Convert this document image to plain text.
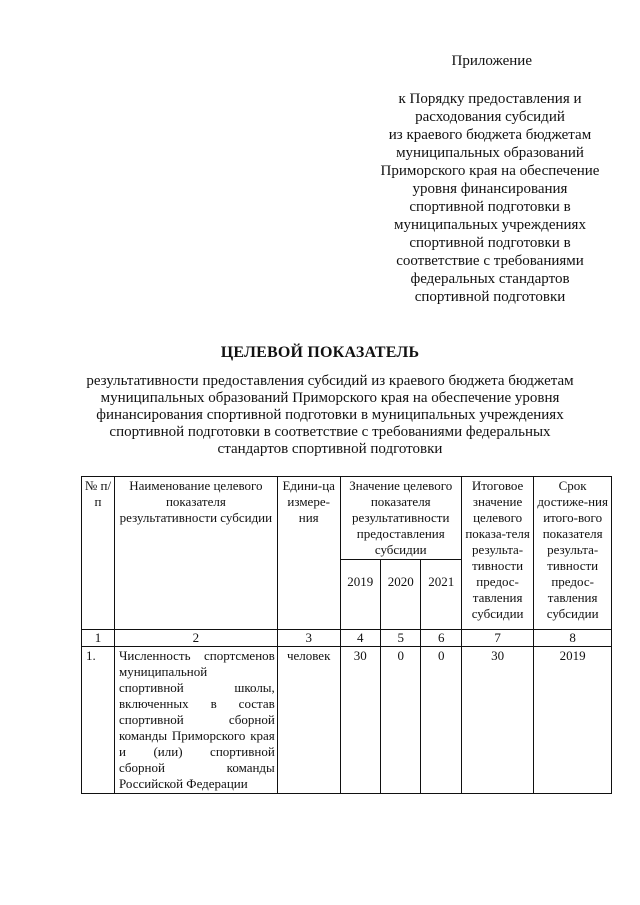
Приложение
к Порядку предоставления и
расходования субсидий
из краевого бюджета бюджетам
муниципальных образований
Приморского края на обеспечение
уровня финансирования
спортивной подготовки в
муниципальных учреждениях
спортивной подготовки в
соответствие с требованиями
федеральных стандартов
спортивной подготовки
ЦЕЛЕВОЙ ПОКАЗАТЕЛЬ
результативности предоставления субсидий из краевого бюджета бюджетам
муниципальных образований Приморского края на обеспечение уровня
финансирования спортивной подготовки в муниципальных учреждениях
спортивной подготовки в соответствие с требованиями федеральных
стандартов спортивной подготовки
№ п/п	Наименование целевого показателя результативности субсидии	Едини-ца измере-ния	Значение целевого показателя результативности предоставления субсидии			Итоговое значение целевого показа-теля результа-тивности предос-тавления субсидии	Срок достиже-ния итого-вого показателя результа-тивности предос-тавления субсидии
			2019	2020	2021		
1	2	3	4	5	6	7	8
1.	Численность спортсменов муниципальной спортивной школы, включенных в состав спортивной сборной команды Приморского края и (или) спортивной сборной команды Российской Федерации	человек	30	0	0	30	2019
